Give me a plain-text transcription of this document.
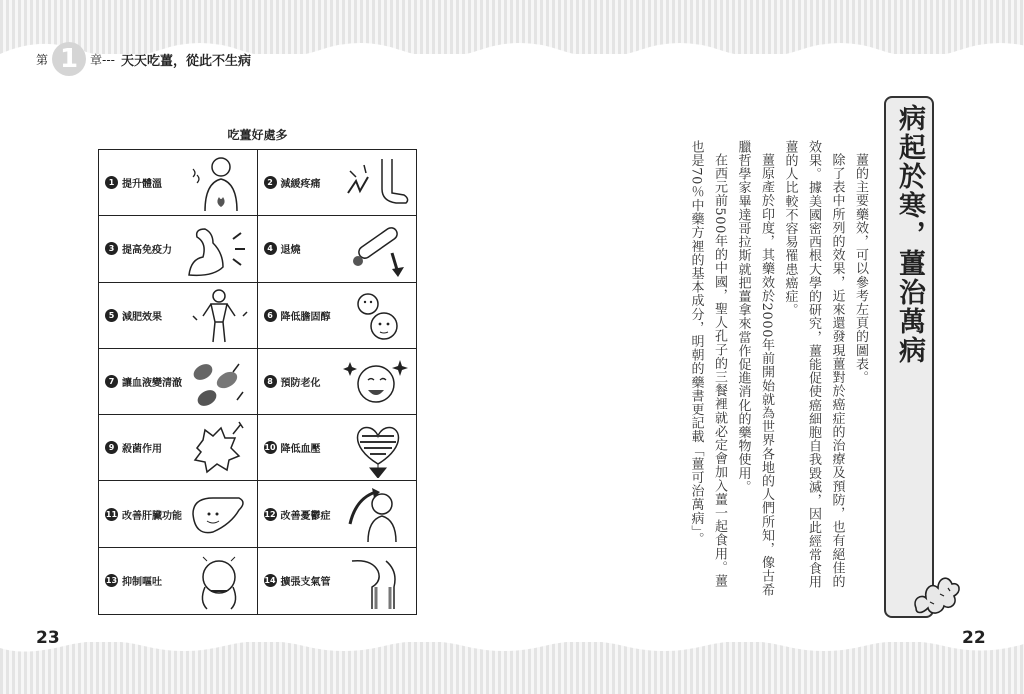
第 1 章--- 天天吃薑，從此不生病
吃薑好處多
1 提升體溫	2 減緩疼痛
3 提高免疫力	4 退燒
5 減肥效果	6 降低膽固醇
7 讓血液變清澈	8 預防老化
9 殺菌作用	10 降低血壓
11 改善肝臟功能	12 改善憂鬱症
13 抑制嘔吐	14 擴張支氣管
23
病起於寒，薑治萬病

薑的主要藥效，可以參考左頁的圖表。

除了表中所列的效果，近來還發現薑對於癌症的治療及預防，也有絕佳的效果。據美國密西根大學的研究，薑能促使癌細胞自我毀滅，因此經常食用薑的人比較不容易罹患癌症。

薑原產於印度，其藥效於2000年前開始就為世界各地的人們所知，像古希臘哲學家畢達哥拉斯就把薑拿來當作促進消化的藥物使用。

在西元前500年的中國，聖人孔子的三餐裡就必定會加入薑一起食用。薑也是70％中藥方裡的基本成分，明朝的藥書更記載「薑可治萬病」。

22
